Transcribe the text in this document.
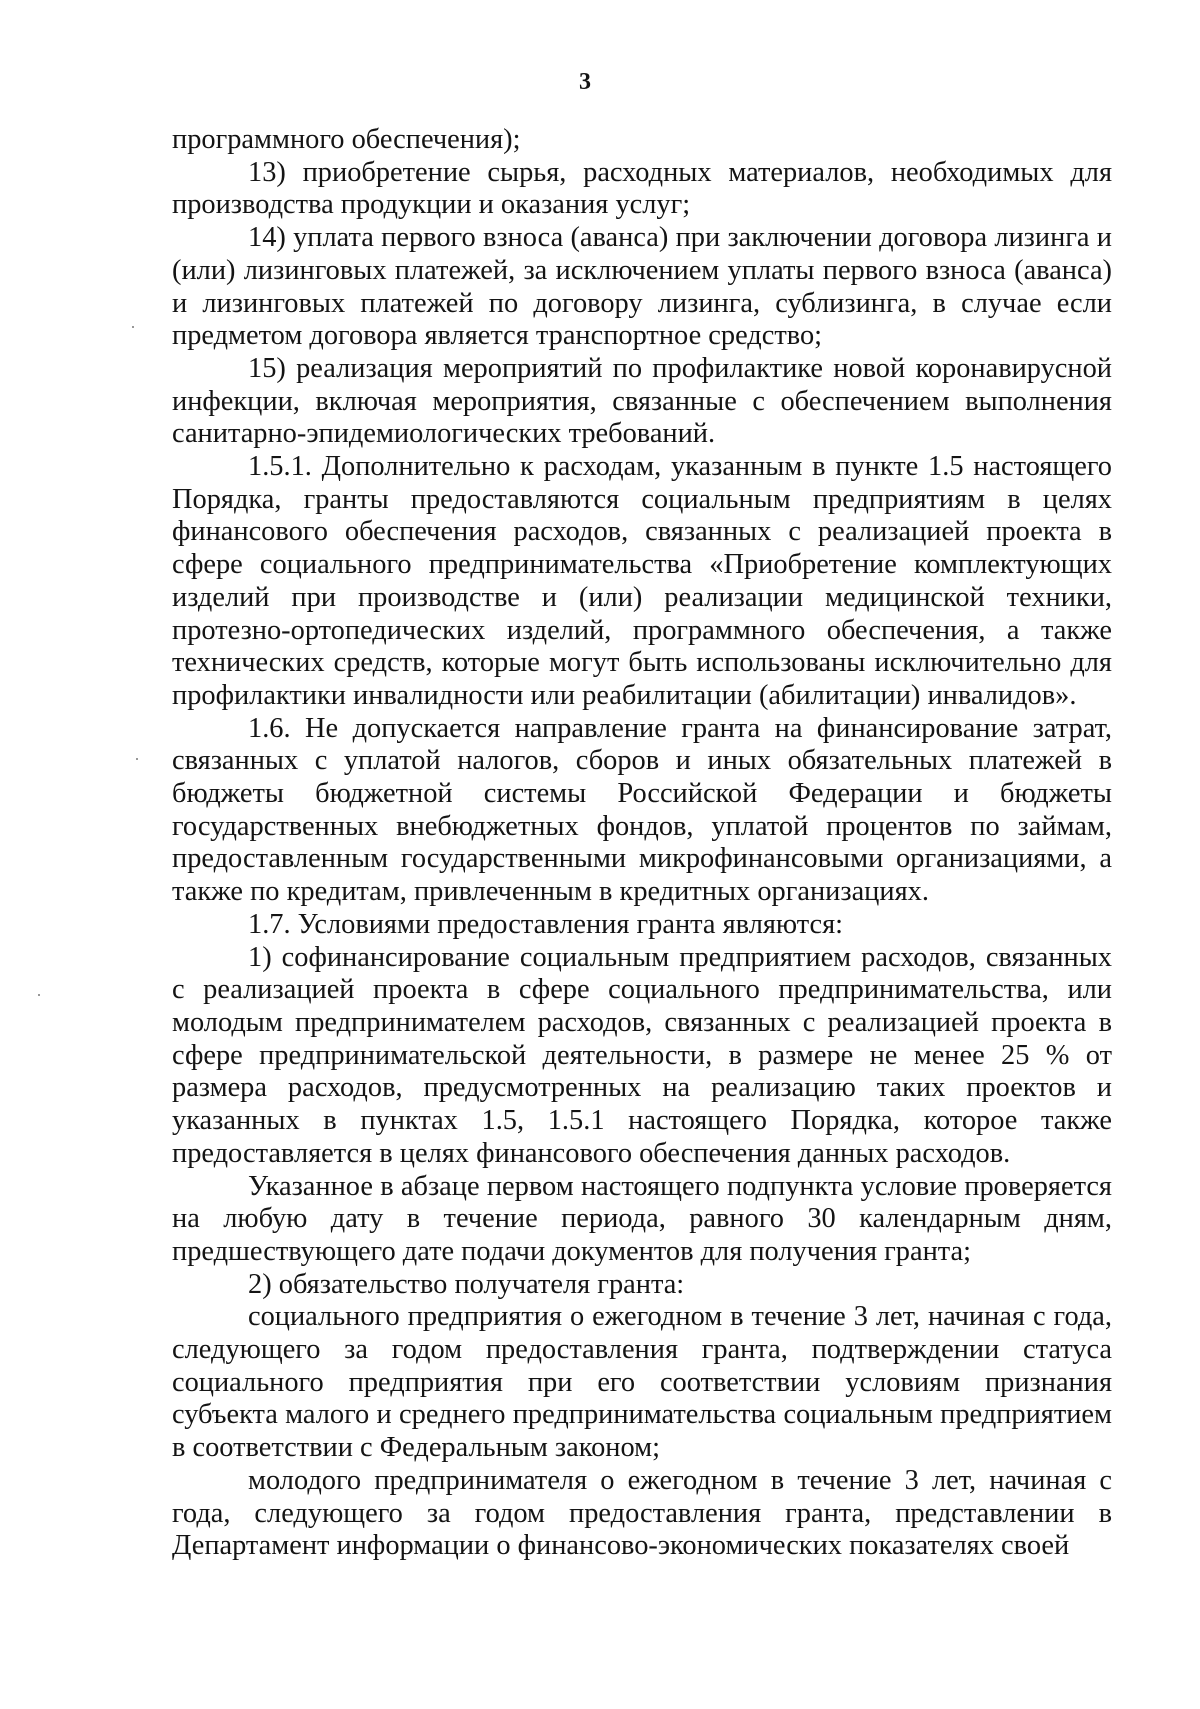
3

программного обеспечения);

13) приобретение сырья, расходных материалов, необходимых для производства продукции и оказания услуг;

14) уплата первого взноса (аванса) при заключении договора лизинга и (или) лизинговых платежей, за исключением уплаты первого взноса (аванса) и лизинговых платежей по договору лизинга, сублизинга, в случае если предметом договора является транспортное средство;

15) реализация мероприятий по профилактике новой коронавирусной инфекции, включая мероприятия, связанные с обеспечением выполнения санитарно-эпидемиологических требований.

1.5.1. Дополнительно к расходам, указанным в пункте 1.5 настоящего Порядка, гранты предоставляются социальным предприятиям в целях финансового обеспечения расходов, связанных с реализацией проекта в сфере социального предпринимательства «Приобретение комплектующих изделий при производстве и (или) реализации медицинской техники, протезно-ортопедических изделий, программного обеспечения, а также технических средств, которые могут быть использованы исключительно для профилактики инвалидности или реабилитации (абилитации) инвалидов».

1.6. Не допускается направление гранта на финансирование затрат, связанных с уплатой налогов, сборов и иных обязательных платежей в бюджеты бюджетной системы Российской Федерации и бюджеты государственных внебюджетных фондов, уплатой процентов по займам, предоставленным государственными микрофинансовыми организациями, а также по кредитам, привлеченным в кредитных организациях.

1.7. Условиями предоставления гранта являются:

1) софинансирование социальным предприятием расходов, связанных с реализацией проекта в сфере социального предпринимательства, или молодым предпринимателем расходов, связанных с реализацией проекта в сфере предпринимательской деятельности, в размере не менее 25 % от размера расходов, предусмотренных на реализацию таких проектов и указанных в пунктах 1.5, 1.5.1 настоящего Порядка, которое также предоставляется в целях финансового обеспечения данных расходов.

Указанное в абзаце первом настоящего подпункта условие проверяется на любую дату в течение периода, равного 30 календарным дням, предшествующего дате подачи документов для получения гранта;

2) обязательство получателя гранта:

социального предприятия о ежегодном в течение 3 лет, начиная с года, следующего за годом предоставления гранта, подтверждении статуса социального предприятия при его соответствии условиям признания субъекта малого и среднего предпринимательства социальным предприятием в соответствии с Федеральным законом;

молодого предпринимателя о ежегодном в течение 3 лет, начиная с года, следующего за годом предоставления гранта, представлении в Департамент информации о финансово-экономических показателях своей
